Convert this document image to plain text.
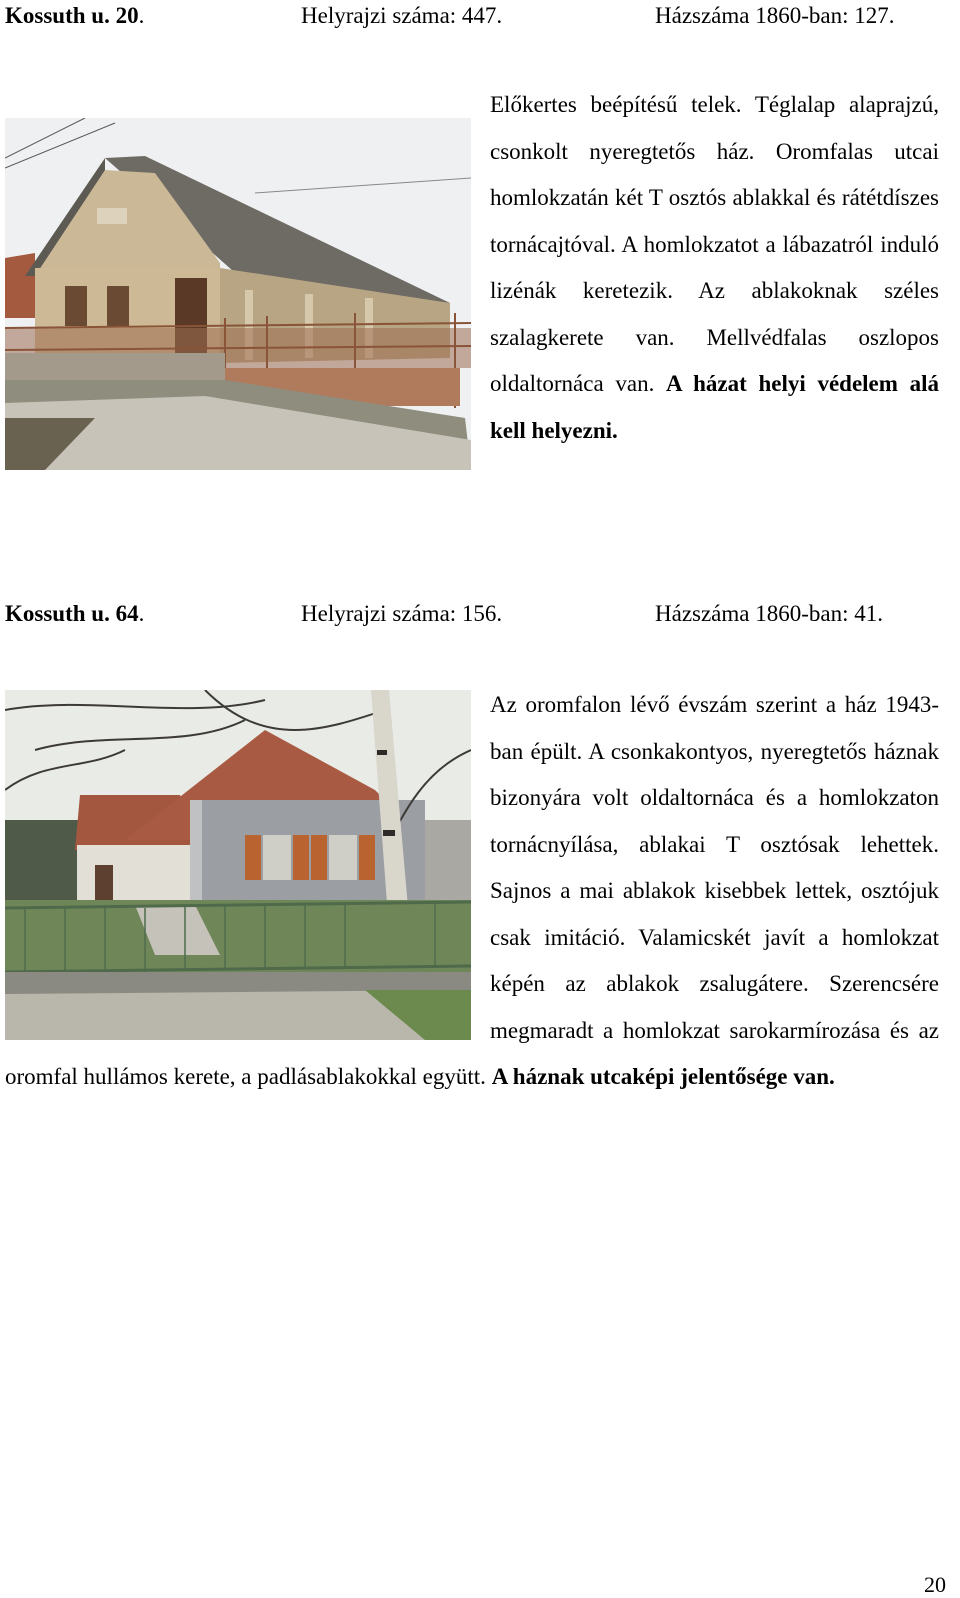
Kossuth u. 20.	Helyrajzi száma: 447.	Házszáma 1860-ban: 127.
Előkertes beépítésű telek. Téglalap alaprajzú, csonkolt nyeregtetős ház. Oromfalas utcai homlokzatán két T osztós ablakkal és rátétdíszes tornácajtóval. A homlokzatot a lábazatról induló lizénák keretezik. Az ablakoknak széles szalagkerete van. Mellvédfalas oszlopos oldaltornáca van. A házat helyi védelem alá kell helyezni.
Kossuth u. 64.	Helyrajzi száma: 156.	Házszáma 1860-ban: 41.
Az oromfalon lévő évszám szerint a ház 1943-ban épült. A csonkakontyos, nyeregtetős háznak bizonyára volt oldaltornáca és a homlokzaton tornácnyílása, ablakai T osztósak lehettek. Sajnos a mai ablakok kisebbek lettek, osztójuk csak imitáció. Valamicskét javít a homlokzat képén az ablakok zsalugátere. Szerencsére megmaradt a homlokzat sarokarmírozása és az
oromfal hullámos kerete, a padlásablakokkal együtt. A háznak utcaképi jelentősége van.
20
